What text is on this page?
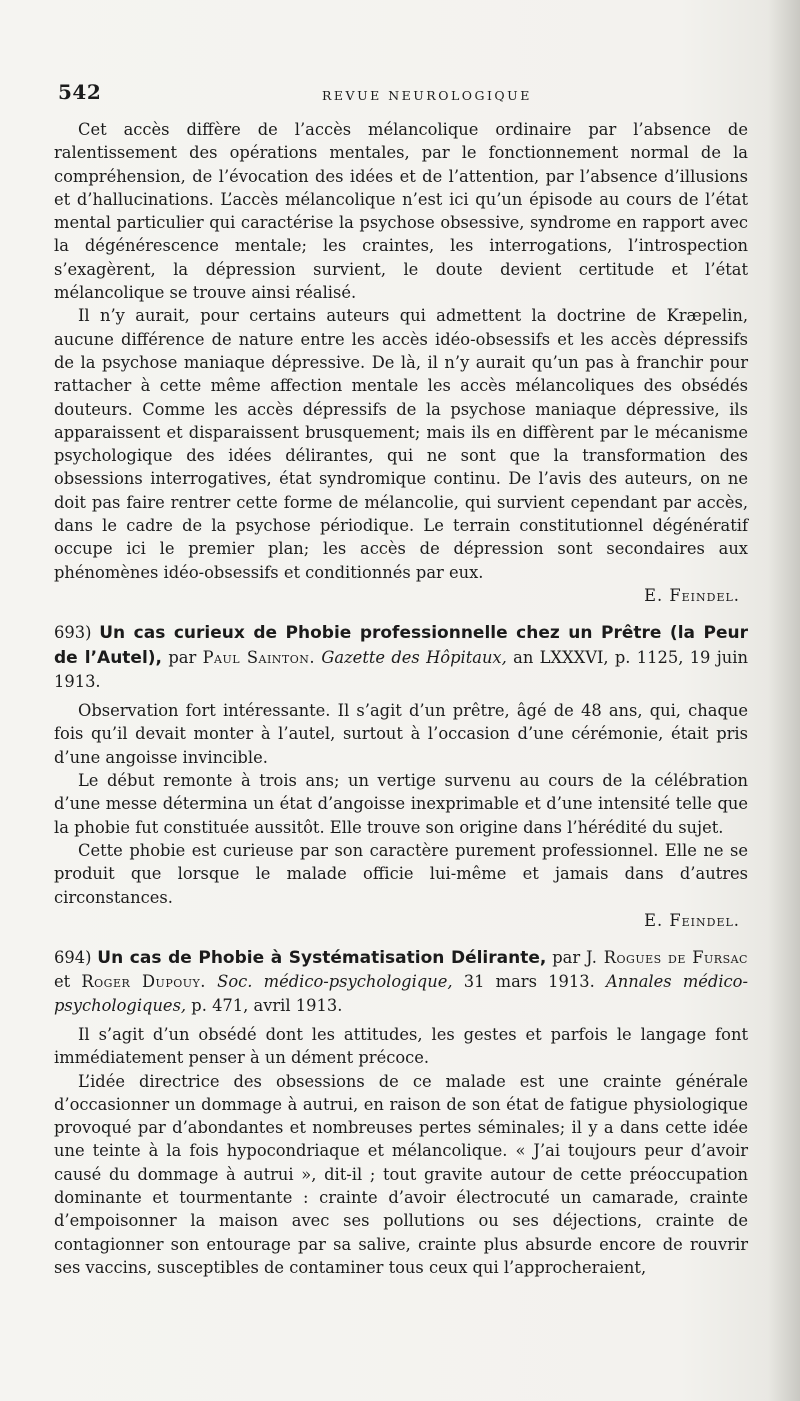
542	REVUE NEUROLOGIQUE

Cet accès diffère de l’accès mélancolique ordinaire par l’absence de ralentissement des opérations mentales, par le fonctionnement normal de la compréhension, de l’évocation des idées et de l’attention, par l’absence d’illusions et d’hallucinations. L’accès mélancolique n’est ici qu’un épisode au cours de l’état mental particulier qui caractérise la psychose obsessive, syndrome en rapport avec la dégénérescence mentale; les craintes, les interrogations, l’introspection s’exagèrent, la dépression survient, le doute devient certitude et l’état mélancolique se trouve ainsi réalisé.

Il n’y aurait, pour certains auteurs qui admettent la doctrine de Kræpelin, aucune différence de nature entre les accès idéo-obsessifs et les accès dépressifs de la psychose maniaque dépressive. De là, il n’y aurait qu’un pas à franchir pour rattacher à cette même affection mentale les accès mélancoliques des obsédés douteurs. Comme les accès dépressifs de la psychose maniaque dépressive, ils apparaissent et disparaissent brusquement; mais ils en diffèrent par le mécanisme psychologique des idées délirantes, qui ne sont que la transformation des obsessions interrogatives, état syndromique continu. De l’avis des auteurs, on ne doit pas faire rentrer cette forme de mélancolie, qui survient cependant par accès, dans le cadre de la psychose périodique. Le terrain constitutionnel dégénératif occupe ici le premier plan; les accès de dépression sont secondaires aux phénomènes idéo-obsessifs et conditionnés par eux.

E. Feindel.

693) Un cas curieux de Phobie professionnelle chez un Prêtre (la Peur de l’Autel), par Paul Sainton. Gazette des Hôpitaux, an LXXXVI, p. 1125, 19 juin 1913.

Observation fort intéressante. Il s’agit d’un prêtre, âgé de 48 ans, qui, chaque fois qu’il devait monter à l’autel, surtout à l’occasion d’une cérémonie, était pris d’une angoisse invincible.

Le début remonte à trois ans; un vertige survenu au cours de la célébration d’une messe détermina un état d’angoisse inexprimable et d’une intensité telle que la phobie fut constituée aussitôt. Elle trouve son origine dans l’hérédité du sujet.

Cette phobie est curieuse par son caractère purement professionnel. Elle ne se produit que lorsque le malade officie lui-même et jamais dans d’autres circonstances.

E. Feindel.

694) Un cas de Phobie à Systématisation Délirante, par J. Rogues de Fursac et Roger Dupouy. Soc. médico-psychologique, 31 mars 1913. Annales médico-psychologiques, p. 471, avril 1913.

Il s’agit d’un obsédé dont les attitudes, les gestes et parfois le langage font immédiatement penser à un dément précoce.

L’idée directrice des obsessions de ce malade est une crainte générale d’occasionner un dommage à autrui, en raison de son état de fatigue physiologique provoqué par d’abondantes et nombreuses pertes séminales; il y a dans cette idée une teinte à la fois hypocondriaque et mélancolique. « J’ai toujours peur d’avoir causé du dommage à autrui », dit-il ; tout gravite autour de cette préoccupation dominante et tourmentante : crainte d’avoir électrocuté un camarade, crainte d’empoisonner la maison avec ses pollutions ou ses déjections, crainte de contagionner son entourage par sa salive, crainte plus absurde encore de rouvrir ses vaccins, susceptibles de contaminer tous ceux qui l’approcheraient,
